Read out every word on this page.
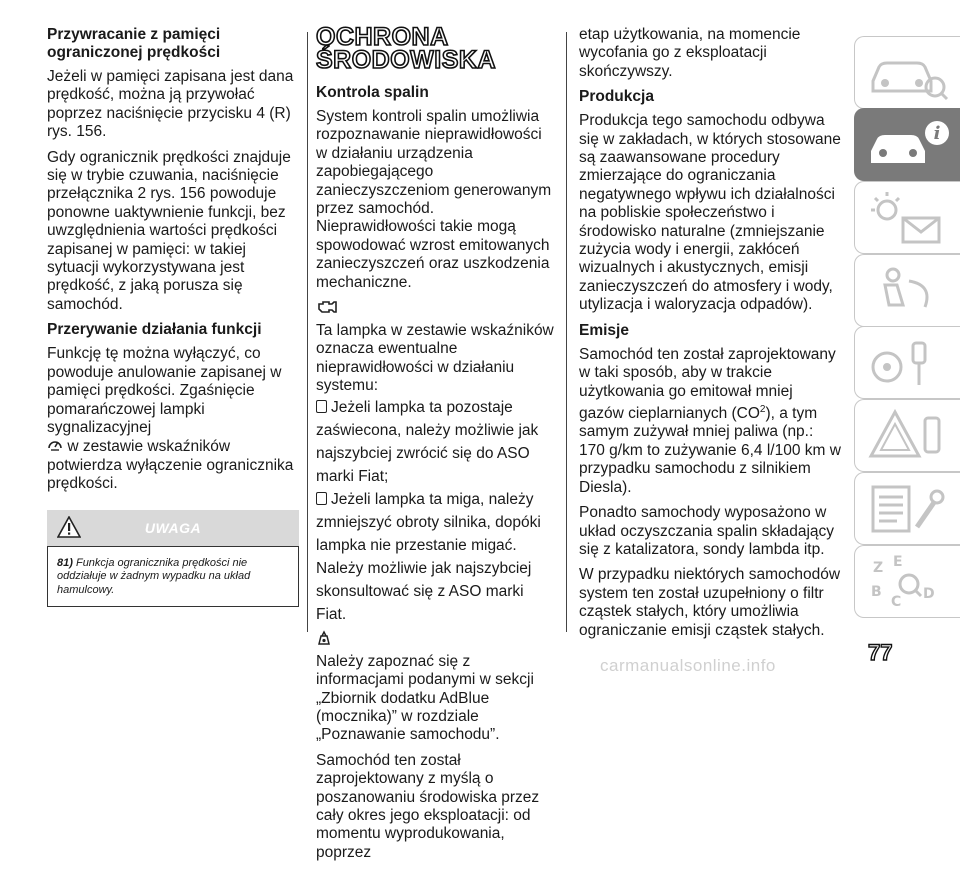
Przywracanie z pamięci ograniczonej prędkości

Jeżeli w pamięci zapisana jest dana prędkość, można ją przywołać poprzez naciśnięcie przycisku 4 (R) rys. 156.

Gdy ogranicznik prędkości znajduje się w trybie czuwania, naciśnięcie przełącznika 2 rys. 156 powoduje ponowne uaktywnienie funkcji, bez uwzględnienia wartości prędkości zapisanej w pamięci: w takiej sytuacji wykorzystywana jest prędkość, z jaką porusza się samochód.

Przerywanie działania funkcji

Funkcję tę można wyłączyć, co powoduje anulowanie zapisanej w pamięci prędkości. Zgaśnięcie pomarańczowej lampki sygnalizacyjnej
w zestawie wskaźników potwierdza wyłączenie ogranicznika prędkości.

UWAGA
81) Funkcja ogranicznika prędkości nie oddziałuje w żadnym wypadku na układ hamulcowy.
OCHRONA
ŚRODOWISKA
Kontrola spalin

System kontroli spalin umożliwia rozpoznawanie nieprawidłowości w działaniu urządzenia zapobiegającego zanieczyszczeniom generowanym przez samochód. Nieprawidłowości takie mogą spowodować wzrost emitowanych zanieczyszczeń oraz uszkodzenia mechaniczne.

Ta lampka w zestawie wskaźników oznacza ewentualne nieprawidłowości w działaniu systemu:

Jeżeli lampka ta pozostaje zaświecona, należy możliwie jak najszybciej zwrócić się do ASO marki Fiat;
Jeżeli lampka ta miga, należy zmniejszyć obroty silnika, dopóki lampka nie przestanie migać. Należy możliwie jak najszybciej skonsultować się z ASO marki Fiat.

Należy zapoznać się z informacjami podanymi w sekcji „Zbiornik dodatku AdBlue (mocznika)” w rozdziale „Poznawanie samochodu”.

Samochód ten został zaprojektowany z myślą o poszanowaniu środowiska przez cały okres jego eksploatacji: od momentu wyprodukowania, poprzez

etap użytkowania, na momencie wycofania go z eksploatacji skończywszy.

Produkcja

Produkcja tego samochodu odbywa się w zakładach, w których stosowane są zaawansowane procedury zmierzające do ograniczania negatywnego wpływu ich działalności na pobliskie społeczeństwo i środowisko naturalne (zmniejszanie zużycia wody i energii, zakłóceń wizualnych i akustycznych, emisji zanieczyszczeń do atmosfery i wody, utylizacja i waloryzacja odpadów).

Emisje

Samochód ten został zaprojektowany w taki sposób, aby w trakcie użytkowania go emitował mniej gazów cieplarnianych $(CO^2)$, a tym samym zużywał mniej paliwa (np.: 170 g/km to zużywanie 6,4 l/100 km w przypadku samochodu z silnikiem Diesla).

Ponadto samochody wyposażono w układ oczyszczania spalin składający się z katalizatora, sondy lambda itp.

W przypadku niektórych samochodów system ten został uzupełniony o filtr cząstek stałych, który umożliwia ograniczanie emisji cząstek stałych.

i
Z E
B
C D
77
carmanualsonline.info
